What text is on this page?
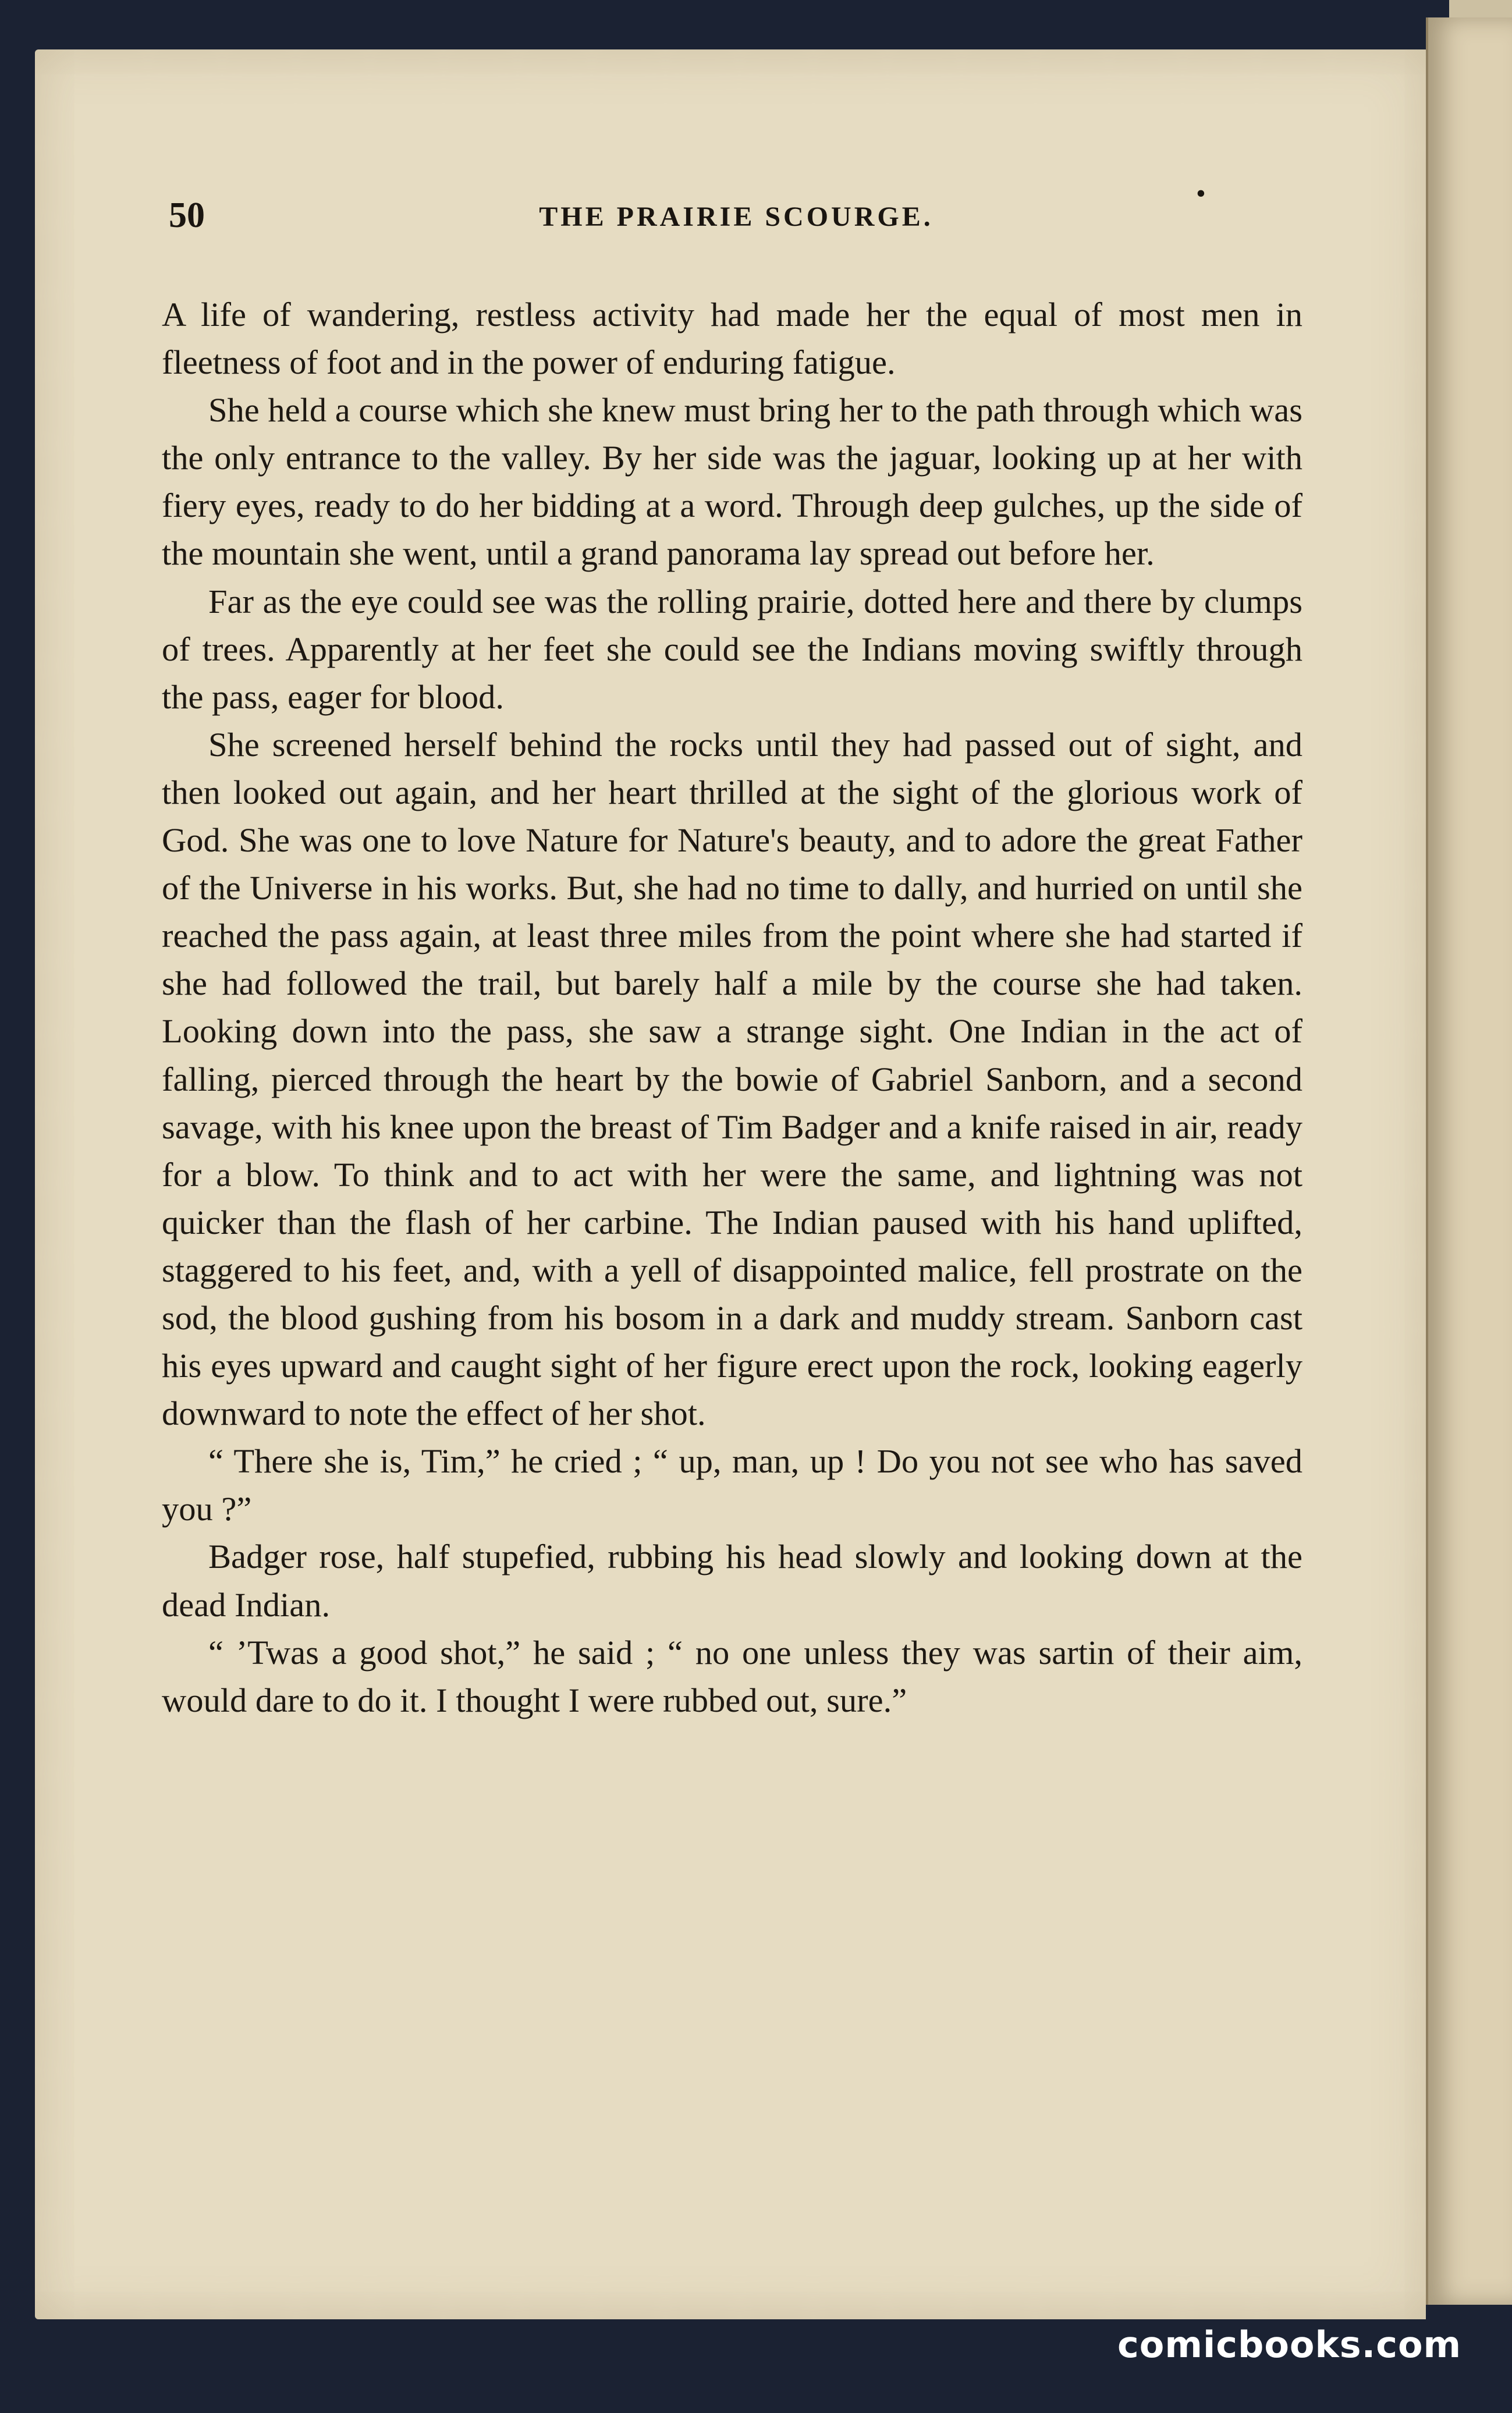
50	THE PRAIRIE SCOURGE.
•

A life of wandering, restless activity had made her the equal of most men in fleetness of foot and in the power of enduring fatigue.

She held a course which she knew must bring her to the path through which was the only entrance to the valley. By her side was the jaguar, looking up at her with fiery eyes, ready to do her bidding at a word. Through deep gulches, up the side of the mountain she went, until a grand panorama lay spread out before her.

Far as the eye could see was the rolling prairie, dotted here and there by clumps of trees. Apparently at her feet she could see the Indians moving swiftly through the pass, eager for blood.

She screened herself behind the rocks until they had passed out of sight, and then looked out again, and her heart thrilled at the sight of the glorious work of God. She was one to love Nature for Nature's beauty, and to adore the great Father of the Universe in his works. But, she had no time to dally, and hurried on until she reached the pass again, at least three miles from the point where she had started if she had followed the trail, but barely half a mile by the course she had taken. Looking down into the pass, she saw a strange sight. One Indian in the act of falling, pierced through the heart by the bowie of Gabriel Sanborn, and a second savage, with his knee upon the breast of Tim Badger and a knife raised in air, ready for a blow. To think and to act with her were the same, and lightning was not quicker than the flash of her carbine. The Indian paused with his hand uplifted, staggered to his feet, and, with a yell of disappointed malice, fell prostrate on the sod, the blood gushing from his bosom in a dark and muddy stream. Sanborn cast his eyes upward and caught sight of her figure erect upon the rock, looking eagerly downward to note the effect of her shot.

“ There she is, Tim,” he cried ; “ up, man, up ! Do you not see who has saved you ?”

Badger rose, half stupefied, rubbing his head slowly and looking down at the dead Indian.

“ ’Twas a good shot,” he said ; “ no one unless they was sartin of their aim, would dare to do it. I thought I were rubbed out, sure.”

comicbooks.com
